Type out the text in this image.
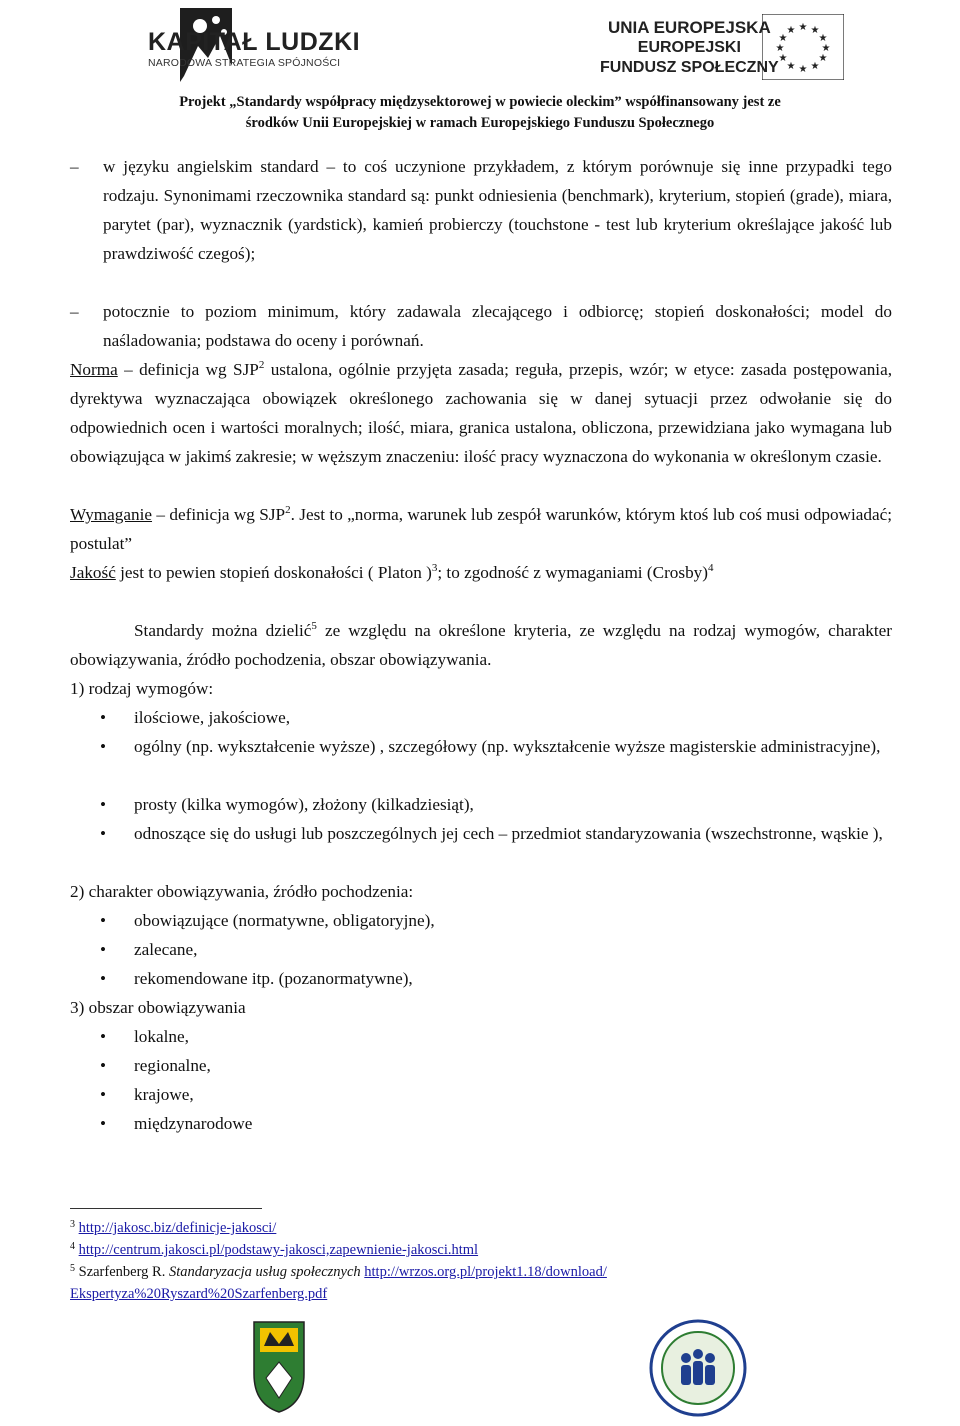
KAPITAŁ LUDZKI
NARODOWA STRATEGIA SPÓJNOŚCI
UNIA EUROPEJSKA
EUROPEJSKI
FUNDUSZ SPOŁECZNY
★ ★
★
★
★
★
★
★
★
★
★
★
Projekt „Standardy współpracy międzysektorowej w powiecie oleckim” współfinansowany jest ze
środków Unii Europejskiej w ramach Europejskiego Funduszu Społecznego
–	w języku angielskim standard – to coś uczynione przykładem, z którym porównuje się inne przypadki tego rodzaju. Synonimami rzeczownika standard są: punkt odniesienia (benchmark), kryterium, stopień (grade), miara, parytet (par), wyznacznik (yardstick), kamień probierczy (touchstone - test lub kryterium określające jakość lub prawdziwość czegoś);
–	potocznie to poziom minimum, który zadawala zlecającego i odbiorcę; stopień doskonałości; model do naśladowania; podstawa do oceny i porównań.
Norma – definicja wg SJP$^2$ ustalona, ogólnie przyjęta zasada; reguła, przepis, wzór; w etyce: zasada postępowania, dyrektywa wyznaczająca obowiązek określonego zachowania się w danej sytuacji przez odwołanie się do odpowiednich ocen i wartości moralnych; ilość, miara, granica ustalona, obliczona, przewidziana jako wymagana lub obowiązująca w jakimś zakresie; w węższym znaczeniu: ilość pracy wyznaczona do wykonania w określonym czasie.
Wymaganie – definicja wg SJP$^2$. Jest to „norma, warunek lub zespół warunków, którym ktoś lub coś musi odpowiadać; postulat”
Jakość jest to pewien stopień doskonałości ( Platon )$^3$; to zgodność z wymaganiami (Crosby)$^4$
Standardy można dzielić$^5$ ze względu na określone kryteria, ze względu na rodzaj wymogów, charakter obowiązywania, źródło pochodzenia, obszar obowiązywania.
1) rodzaj wymogów:
• ilościowe, jakościowe,
• ogólny (np. wykształcenie wyższe) , szczegółowy (np. wykształcenie wyższe magisterskie administracyjne),
• prosty (kilka wymogów), złożony (kilkadziesiąt),
• odnoszące się do usługi lub poszczególnych jej cech – przedmiot standaryzowania (wszechstronne, wąskie ),
2) charakter obowiązywania, źródło pochodzenia:
• obowiązujące (normatywne, obligatoryjne),
• zalecane,
• rekomendowane itp. (pozanormatywne),
3) obszar obowiązywania
• lokalne,
• regionalne,
• krajowe,
• międzynarodowe
$^3$ http://jakosc.biz/definicje-jakosci/
$^4$ http://centrum.jakosci.pl/podstawy-jakosci,zapewnienie-jakosci.html
$^5$ Szarfenberg R. Standaryzacja usług społecznych http://wrzos.org.pl/projekt1.18/download/
Ekspertyza%20Ryszard%20Szarfenberg.pdf
